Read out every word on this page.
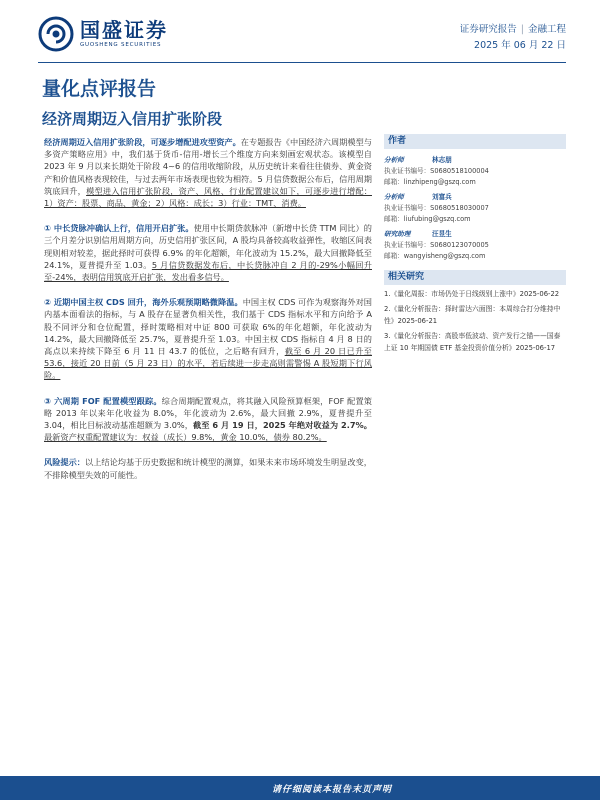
国盛证券
GUOSHENG SECURITIES
证券研究报告 | 金融工程
2025 年 06 月 22 日
量化点评报告
经济周期迈入信用扩张阶段

经济周期迈入信用扩张阶段，可逐步增配进攻型资产。在专题报告《中国经济六周期模型与多资产策略应用》中，我们基于货币-信用-增长三个维度方向来刻画宏观状态。该模型自 2023 年 9 月以来长期处于阶段 4~6 的信用收缩阶段，从历史统计来看往往债券、黄金资产和价值风格表现较佳，与过去两年市场表现也较为相符。5 月信贷数据公布后，信用周期筑底回升，模型进入信用扩张阶段，资产、风格、行业配置建议如下，可逐步进行增配：1）资产：股票、商品、黄金；2）风格：成长；3）行业：TMT、消费。

① 中长贷脉冲确认上行，信用开启扩张。使用中长期贷款脉冲（新增中长贷 TTM 同比）的三个月差分识别信用周期方向，历史信用扩张区间，A 股均具备较高收益弹性，收缩区间表现则相对较差，据此择时可获得 6.9% 的年化超额，年化波动为 15.2%，最大回撤降低至 24.1%，夏普提升至 1.03。5 月信贷数据发布后，中长贷脉冲自 2 月的-29%小幅回升至-24%，表明信用筑底开启扩张，发出看多信号。

② 近期中国主权 CDS 回升，海外乐观预期略微降温。中国主权 CDS 可作为观察海外对国内基本面看法的指标，与 A 股存在显著负相关性，我们基于 CDS 指标水平和方向给予 A 股不同评分和仓位配置，择时策略相对中证 800 可获取 6%的年化超额，年化波动为 14.2%，最大回撤降低至 25.7%，夏普提升至 1.03。中国主权 CDS 指标自 4 月 8 日的高点以来持续下降至 6 月 11 日 43.7 的低位，之后略有回升，截至 6 月 20 日已升至 53.6，接近 20 日前（5 月 23 日）的水平，若后续进一步走高则需警惕 A 股短期下行风险。

③ 六周期 FOF 配置模型跟踪。综合周期配置观点，将其融入风险预算框架，FOF 配置策略 2013 年以来年化收益为 8.0%，年化波动为 2.6%，最大回撤 2.9%，夏普提升至 3.04，相比目标波动基准超额为 3.0%，截至 6 月 19 日，2025 年绝对收益为 2.7%。最新资产权重配置建议为：权益（成长）9.8%，黄金 10.0%，债券 80.2%。

风险提示：以上结论均基于历史数据和统计模型的测算，如果未来市场环境发生明显改变，不排除模型失效的可能性。

作者
分析师	林志朋
执业证书编号：S0680518100004
邮箱：linzhipeng@gszq.com
分析师	刘富兵
执业证书编号：S0680518030007
邮箱：liufubing@gszq.com
研究助理	汪昱生
执业证书编号：S0680123070005
邮箱：wangyisheng@gszq.com
相关研究
1.《量化周报：市场仍处于日线级别上涨中》2025-06-22
2.《量化分析报告：择时雷达六面图：本周综合打分维持中性》2025-06-21
3.《量化分析报告：高股率低波动、资产发行之锚——国泰上证 10 年期国债 ETF 基金投资价值分析》2025-06-17
请仔细阅读本报告末页声明
